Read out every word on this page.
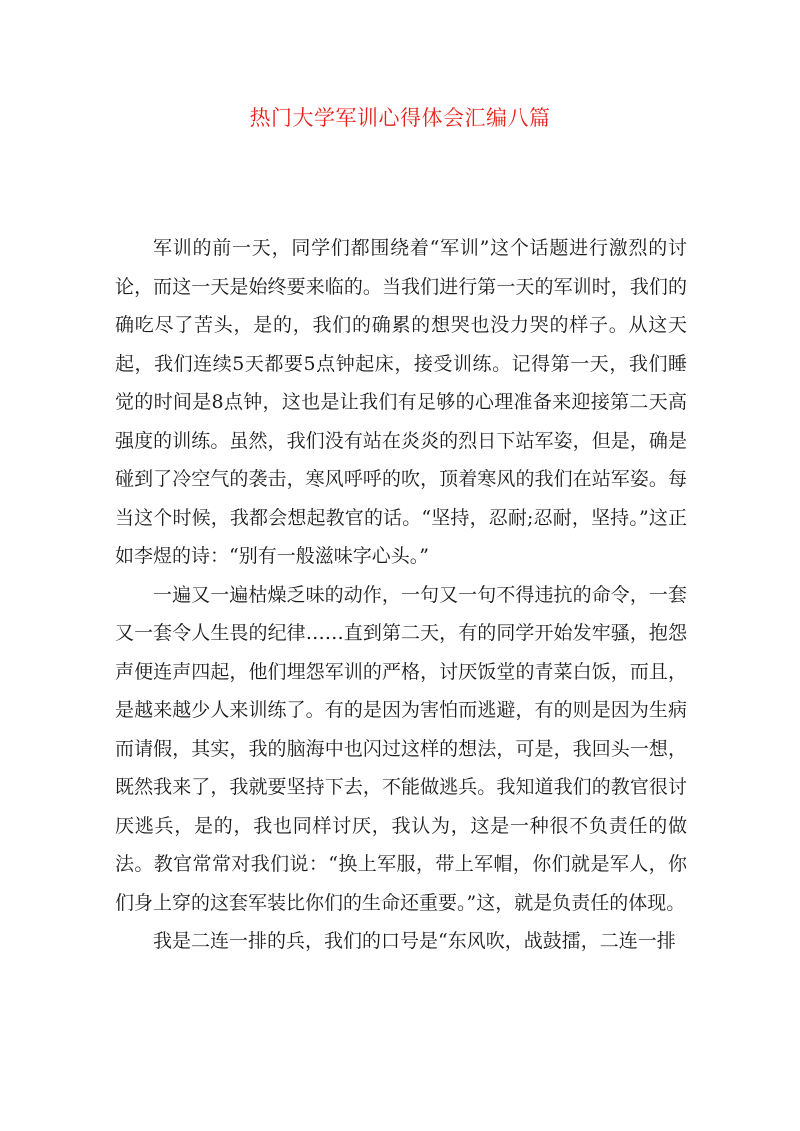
热门大学军训心得体会汇编八篇

军训的前一天，同学们都围绕着“军训”这个话题进行激烈的讨论，而这一天是始终要来临的。当我们进行第一天的军训时，我们的确吃尽了苦头，是的，我们的确累的想哭也没力哭的样子。从这天起，我们连续5天都要5点钟起床，接受训练。记得第一天，我们睡觉的时间是8点钟，这也是让我们有足够的心理准备来迎接第二天高强度的训练。虽然，我们没有站在炎炎的烈日下站军姿，但是，确是碰到了冷空气的袭击，寒风呼呼的吹，顶着寒风的我们在站军姿。每当这个时候，我都会想起教官的话。“坚持，忍耐;忍耐，坚持。”这正如李煜的诗：“别有一般滋味字心头。”

一遍又一遍枯燥乏味的动作，一句又一句不得违抗的命令，一套又一套令人生畏的纪律……直到第二天，有的同学开始发牢骚，抱怨声便连声四起，他们埋怨军训的严格，讨厌饭堂的青菜白饭，而且，是越来越少人来训练了。有的是因为害怕而逃避，有的则是因为生病而请假，其实，我的脑海中也闪过这样的想法，可是，我回头一想，既然我来了，我就要坚持下去，不能做逃兵。我知道我们的教官很讨厌逃兵，是的，我也同样讨厌，我认为，这是一种很不负责任的做法。教官常常对我们说：“换上军服，带上军帽，你们就是军人，你们身上穿的这套军装比你们的生命还重要。”这，就是负责任的体现。

我是二连一排的兵，我们的口号是“东风吹，战鼓擂，二连一排
